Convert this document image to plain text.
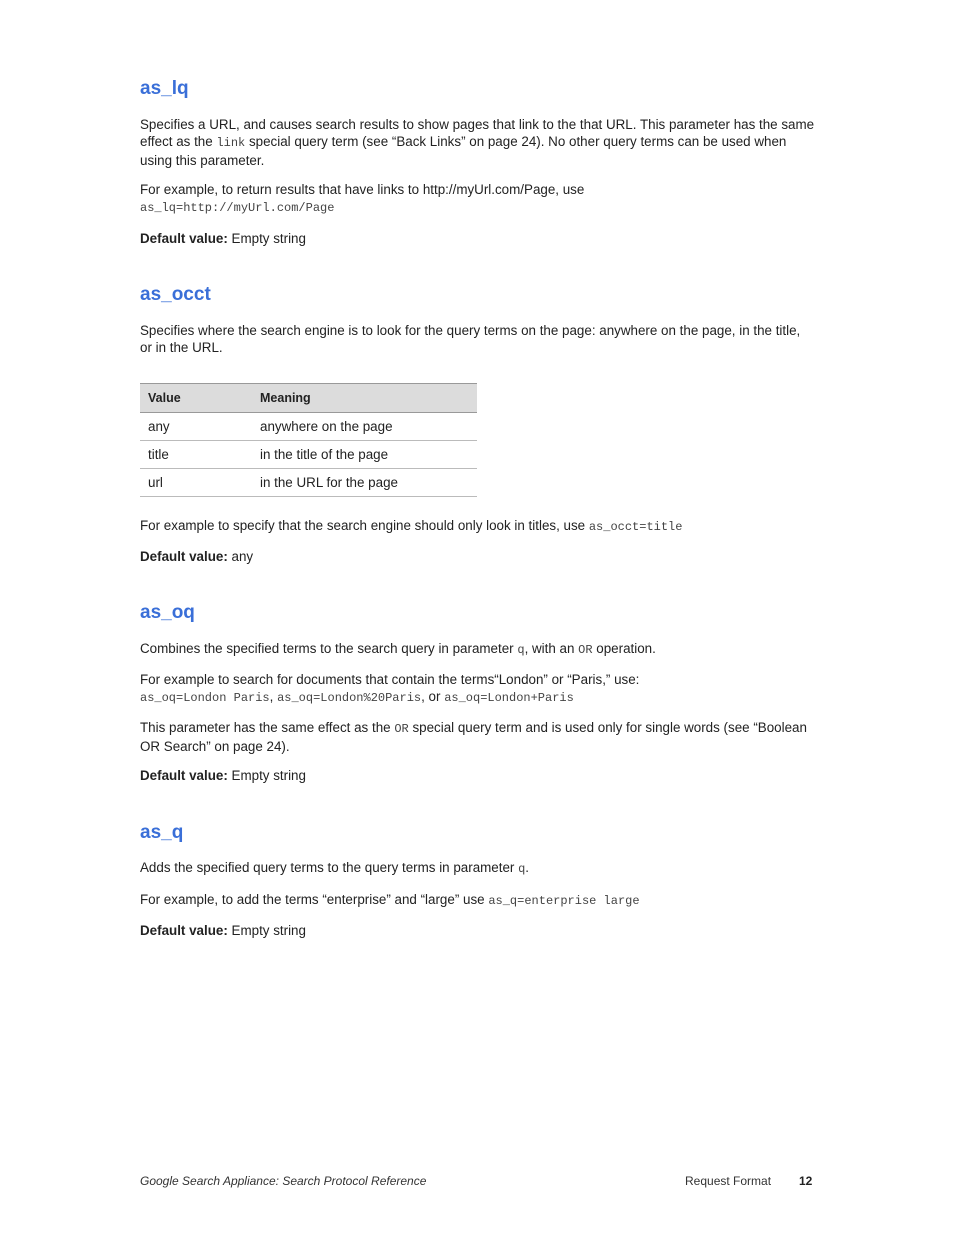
as_lq

Specifies a URL, and causes search results to show pages that link to the that URL. This parameter has the same effect as the link special query term (see “Back Links” on page 24). No other query terms can be used when using this parameter.

For example, to return results that have links to http://myUrl.com/Page, use
as_lq=http://myUrl.com/Page

Default value: Empty string

as_occt

Specifies where the search engine is to look for the query terms on the page: anywhere on the page, in the title, or in the URL.

Value	Meaning
any	anywhere on the page
title	in the title of the page
url	in the URL for the page

For example to specify that the search engine should only look in titles, use as_occt=title

Default value: any

as_oq

Combines the specified terms to the search query in parameter q, with an OR operation.

For example to search for documents that contain the terms“London” or “Paris,” use:
as_oq=London Paris, as_oq=London%20Paris, or as_oq=London+Paris

This parameter has the same effect as the OR special query term and is used only for single words (see “Boolean OR Search” on page 24).

Default value: Empty string

as_q

Adds the specified query terms to the query terms in parameter q.

For example, to add the terms “enterprise” and “large” use as_q=enterprise large

Default value: Empty string

Google Search Appliance: Search Protocol Reference	Request Format 12
